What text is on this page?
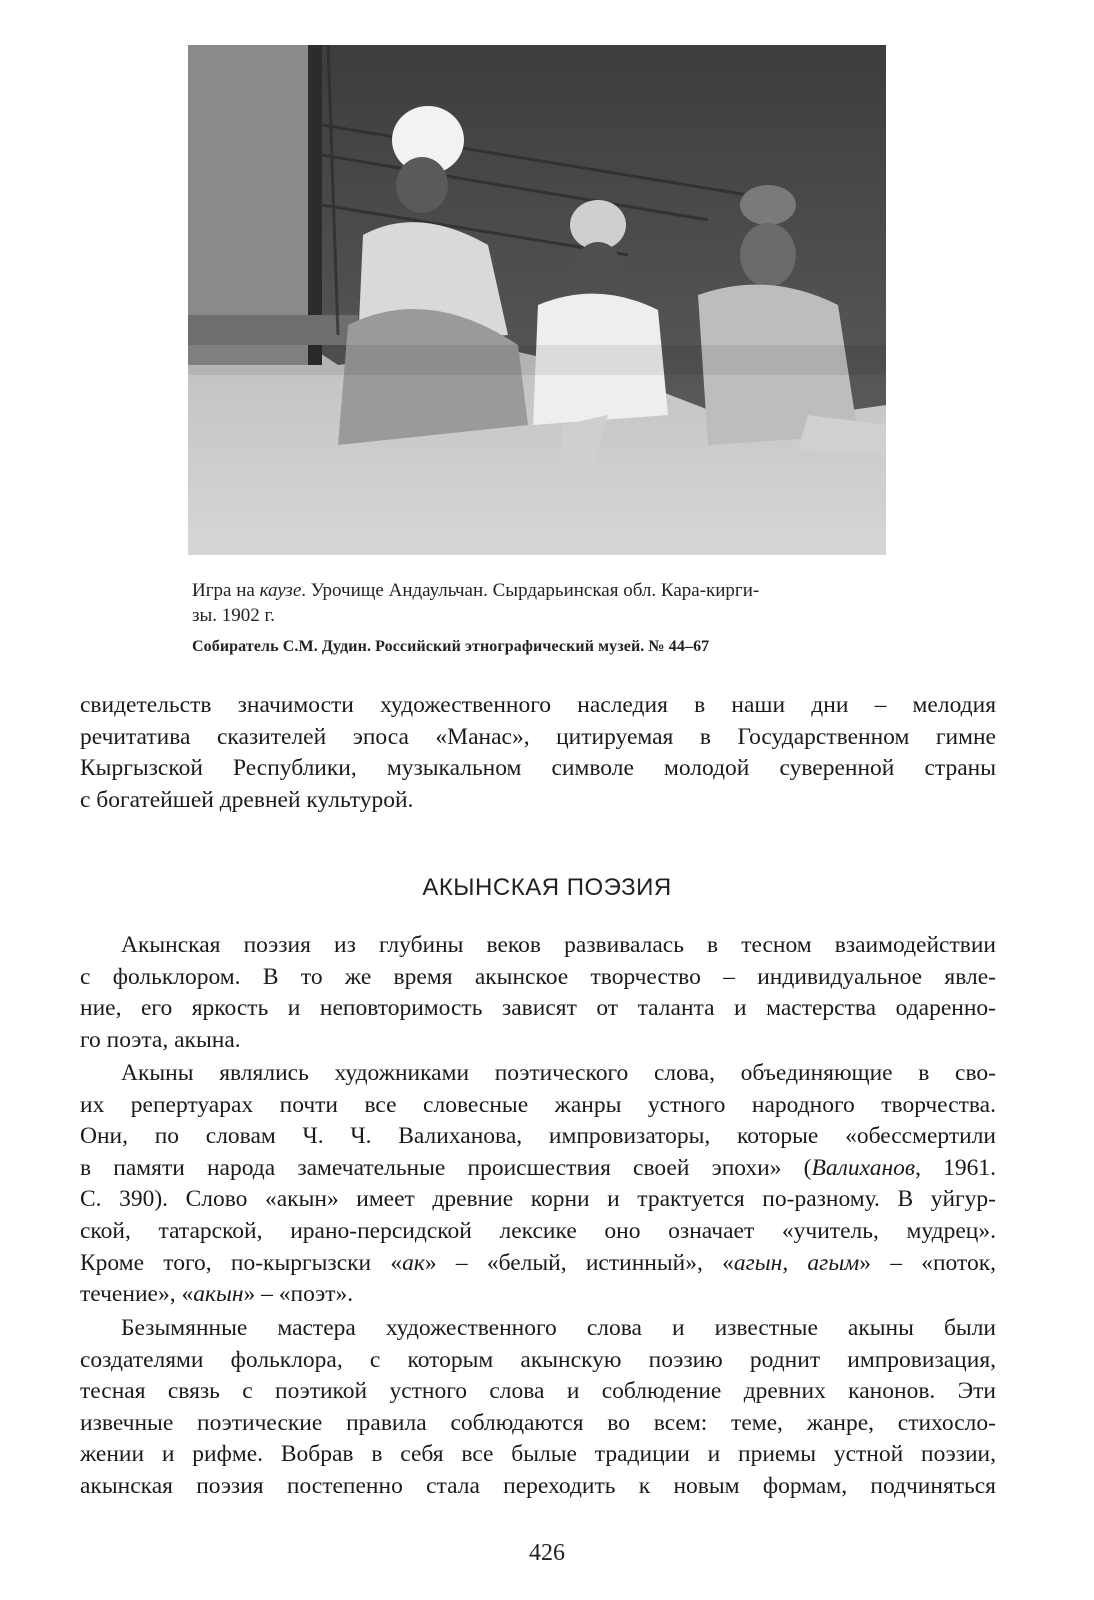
Игра на каузе. Урочище Андаульчан. Сырдарьинская обл. Кара-кирги-
зы. 1902 г.
Собиратель С.М. Дудин. Российский этнографический музей. № 44–67
свидетельств значимости художественного наследия в наши дни – мелодия
речитатива сказителей эпоса «Манас», цитируемая в Государственном гимне
Кыргызской Республики, музыкальном символе молодой суверенной страны
с богатейшей древней культурой.
АКЫНСКАЯ ПОЭЗИЯ
Акынская поэзия из глубины веков развивалась в тесном взаимодействии
с фольклором. В то же время акынское творчество – индивидуальное явле-
ние, его яркость и неповторимость зависят от таланта и мастерства одаренно-
го поэта, акына.
Акыны являлись художниками поэтического слова, объединяющие в сво-
их репертуарах почти все словесные жанры устного народного творчества.
Они, по словам Ч. Ч. Валиханова, импровизаторы, которые «обессмертили
в памяти народа замечательные происшествия своей эпохи» (Валиханов, 1961.
С. 390). Слово «акын» имеет древние корни и трактуется по-разному. В уйгур-
ской, татарской, ирано-персидской лексике оно означает «учитель, мудрец».
Кроме того, по-кыргызски «ак» – «белый, истинный», «агын, агым» – «поток,
течение», «акын» – «поэт».
Безымянные мастера художественного слова и известные акыны были
создателями фольклора, с которым акынскую поэзию роднит импровизация,
тесная связь с поэтикой устного слова и соблюдение древних канонов. Эти
извечные поэтические правила соблюдаются во всем: теме, жанре, стихосло-
жении и рифме. Вобрав в себя все былые традиции и приемы устной поэзии,
акынская поэзия постепенно стала переходить к новым формам, подчиняться
426
